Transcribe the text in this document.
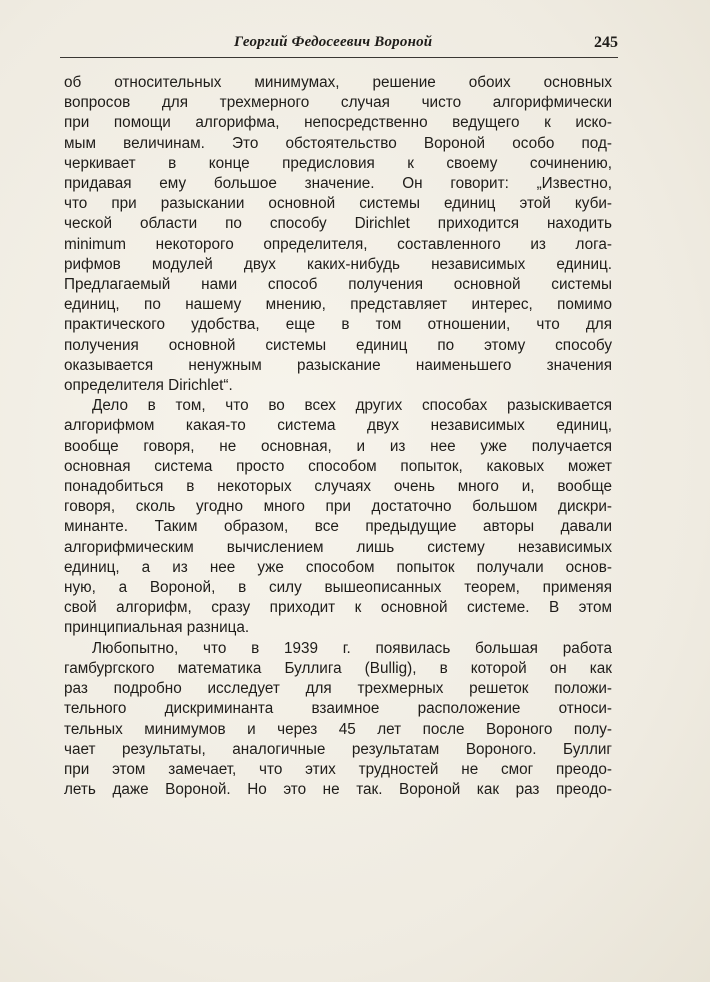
Георгий Федосеевич Вороной	245
об относительных минимумах, решение обоих основных
вопросов для трехмерного случая чисто алгорифмически
при помощи алгорифма, непосредственно ведущего к иско-
мым величинам. Это обстоятельство Вороной особо под-
черкивает в конце предисловия к своему сочинению,
придавая ему большое значение. Он говорит: „Известно,
что при разыскании основной системы единиц этой куби-
ческой области по способу Dirichlet приходится находить
minimum некоторого определителя, составленного из лога-
рифмов модулей двух каких-нибудь независимых единиц.
Предлагаемый нами способ получения основной системы
единиц, по нашему мнению, представляет интерес, помимо
практического удобства, еще в том отношении, что для
получения основной системы единиц по этому способу
оказывается ненужным разыскание наименьшего значения
определителя Dirichlet“.
Дело в том, что во всех других способах разыскивается
алгорифмом какая-то система двух независимых единиц,
вообще говоря, не основная, и из нее уже получается
основная система просто способом попыток, каковых может
понадобиться в некоторых случаях очень много и, вообще
говоря, сколь угодно много при достаточно большом дискри-
минанте. Таким образом, все предыдущие авторы давали
алгорифмическим вычислением лишь систему независимых
единиц, а из нее уже способом попыток получали основ-
ную, а Вороной, в силу вышеописанных теорем, применяя
свой алгорифм, сразу приходит к основной системе. В этом
принципиальная разница.
Любопытно, что в 1939 г. появилась большая работа
гамбургского математика Буллига (Bullig), в которой он как
раз подробно исследует для трехмерных решеток положи-
тельного дискриминанта взаимное расположение относи-
тельных минимумов и через 45 лет после Вороного полу-
чает результаты, аналогичные результатам Вороного. Буллиг
при этом замечает, что этих трудностей не смог преодо-
леть даже Вороной. Но это не так. Вороной как раз преодо-
